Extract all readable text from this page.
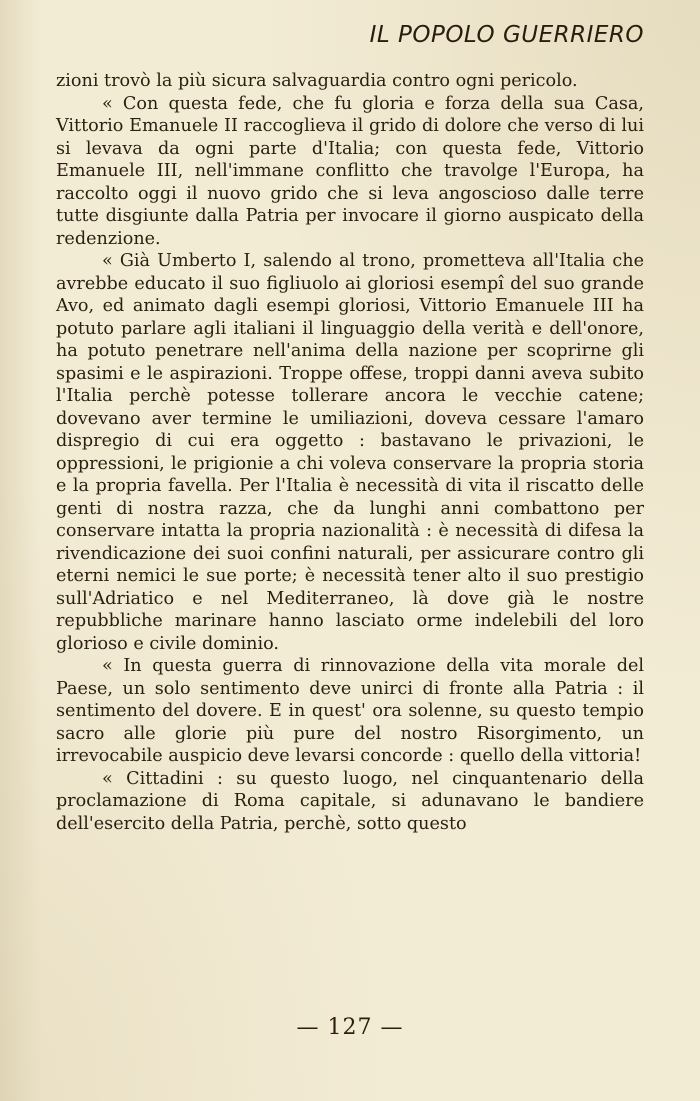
IL POPOLO GUERRIERO

zioni trovò la più sicura salvaguardia contro ogni pericolo.

« Con questa fede, che fu gloria e forza della sua Casa, Vittorio Emanuele II raccoglieva il grido di dolore che verso di lui si levava da ogni parte d'Italia; con questa fede, Vittorio Emanuele III, nell'immane conflitto che travolge l'Europa, ha raccolto oggi il nuovo grido che si leva angoscioso dalle terre tutte disgiunte dalla Patria per invocare il giorno auspicato della redenzione.

« Già Umberto I, salendo al trono, prometteva all'Italia che avrebbe educato il suo figliuolo ai gloriosi esempî del suo grande Avo, ed animato dagli esempi gloriosi, Vittorio Emanuele III ha potuto parlare agli italiani il linguaggio della verità e dell'onore, ha potuto penetrare nell'anima della nazione per scoprirne gli spasimi e le aspirazioni. Troppe offese, troppi danni aveva subito l'Italia perchè potesse tollerare ancora le vecchie catene; dovevano aver termine le umiliazioni, doveva cessare l'amaro dispregio di cui era oggetto : bastavano le privazioni, le oppressioni, le prigionie a chi voleva conservare la propria storia e la propria favella. Per l'Italia è necessità di vita il riscatto delle genti di nostra razza, che da lunghi anni combattono per conservare intatta la propria nazionalità : è necessità di difesa la rivendicazione dei suoi confini naturali, per assicurare contro gli eterni nemici le sue porte; è necessità tener alto il suo prestigio sull'Adriatico e nel Mediterraneo, là dove già le nostre repubbliche marinare hanno lasciato orme indelebili del loro glorioso e civile dominio.

« In questa guerra di rinnovazione della vita morale del Paese, un solo sentimento deve unirci di fronte alla Patria : il sentimento del dovere. E in quest' ora solenne, su questo tempio sacro alle glorie più pure del nostro Risorgimento, un irrevocabile auspicio deve levarsi concorde : quello della vittoria!

« Cittadini : su questo luogo, nel cinquantenario della proclamazione di Roma capitale, si adunavano le bandiere dell'esercito della Patria, perchè, sotto questo

— 127 —
